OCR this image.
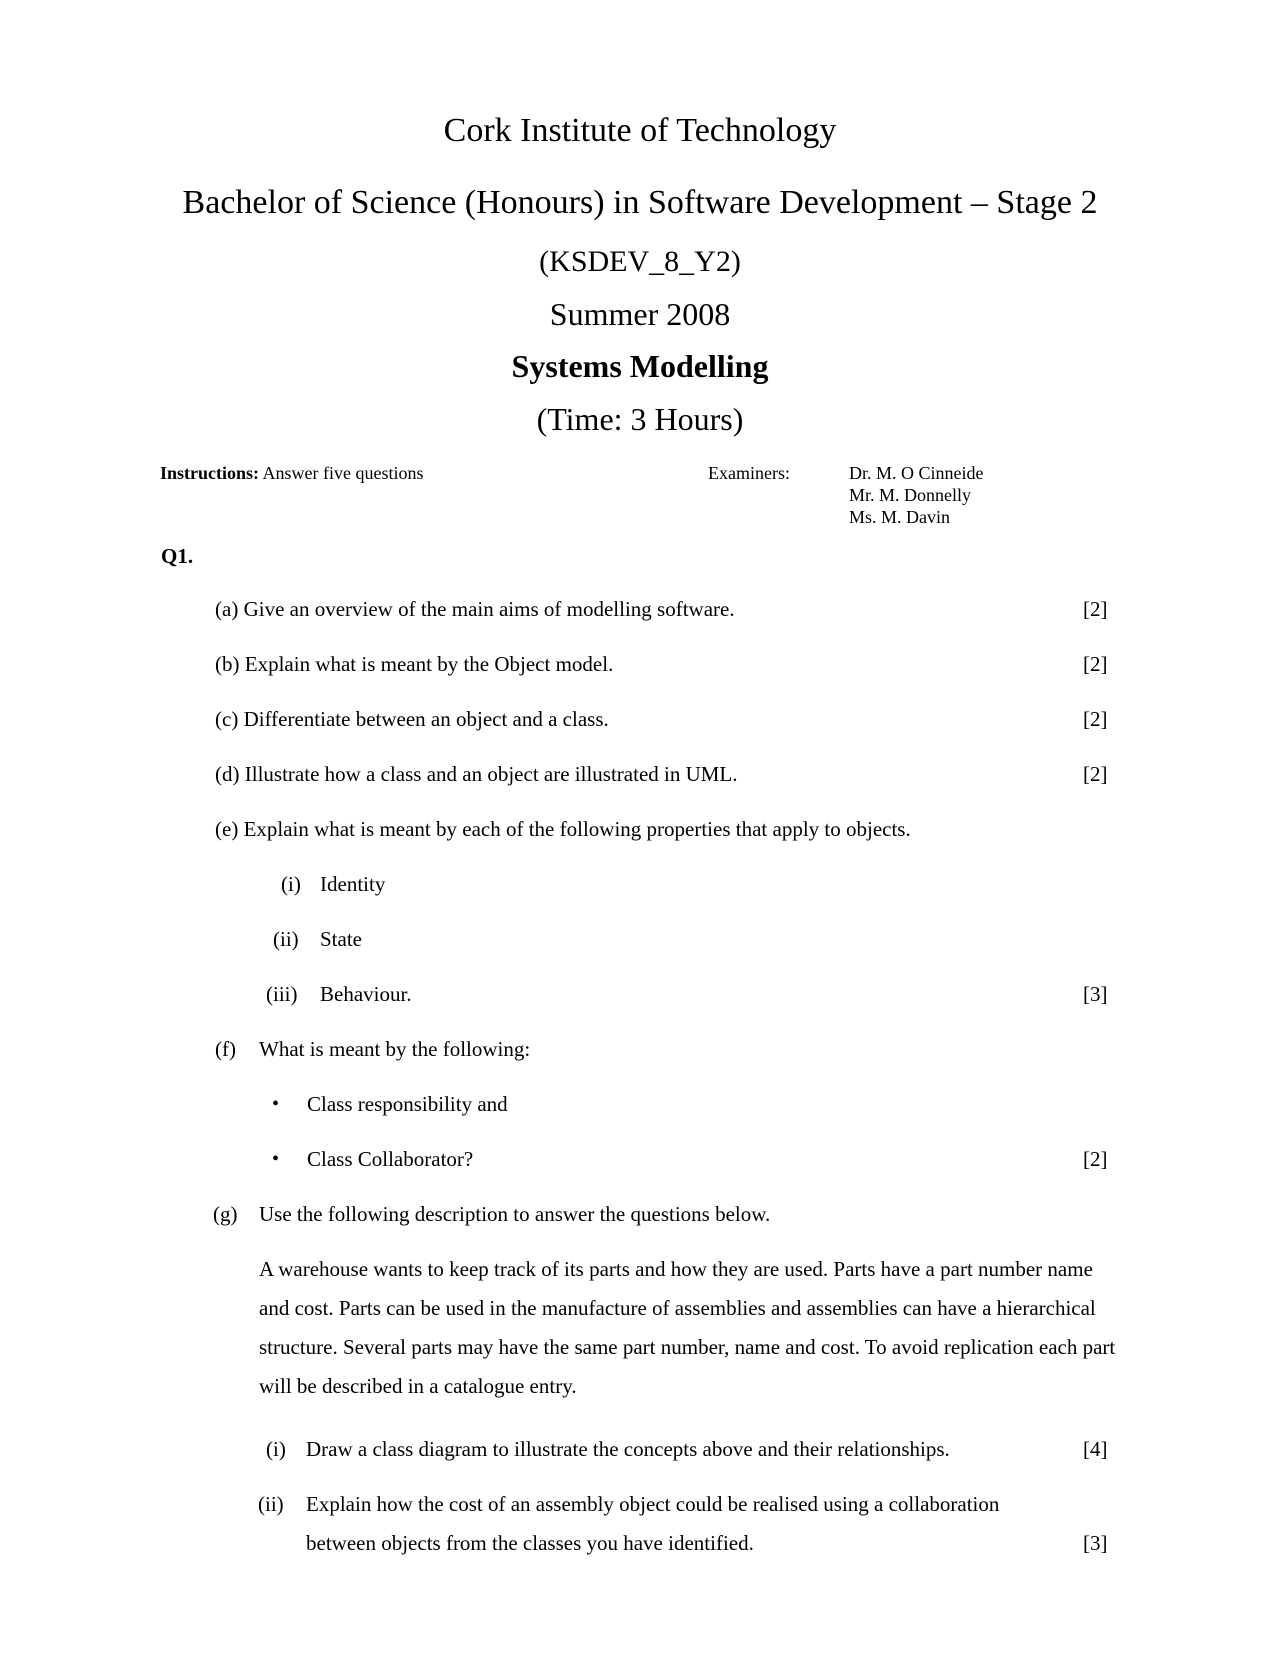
Cork Institute of Technology
Bachelor of Science (Honours) in Software Development – Stage 2
(KSDEV_8_Y2)
Summer 2008
Systems Modelling
(Time: 3 Hours)
Instructions: Answer five questions	Examiners:	Dr. M. O Cinneide
Mr. M. Donnelly
Ms. M. Davin
Q1.
(a) Give an overview of the main aims of modelling software.	[2]
(b) Explain what is meant by the Object model.	[2]
(c) Differentiate between an object and a class.	[2]
(d) Illustrate how a class and an object are illustrated in UML.	[2]
(e) Explain what is meant by each of the following properties that apply to objects.
(i) Identity
(ii) State
(iii) Behaviour.	[3]
(f) What is meant by the following:
• Class responsibility and
• Class Collaborator?	[2]
(g) Use the following description to answer the questions below.
A warehouse wants to keep track of its parts and how they are used. Parts have a part number name and cost. Parts can be used in the manufacture of assemblies and assemblies can have a hierarchical structure. Several parts may have the same part number, name and cost. To avoid replication each part will be described in a catalogue entry.
(i) Draw a class diagram to illustrate the concepts above and their relationships.	[4]
(ii) Explain how the cost of an assembly object could be realised using a collaboration
between objects from the classes you have identified.	[3]
